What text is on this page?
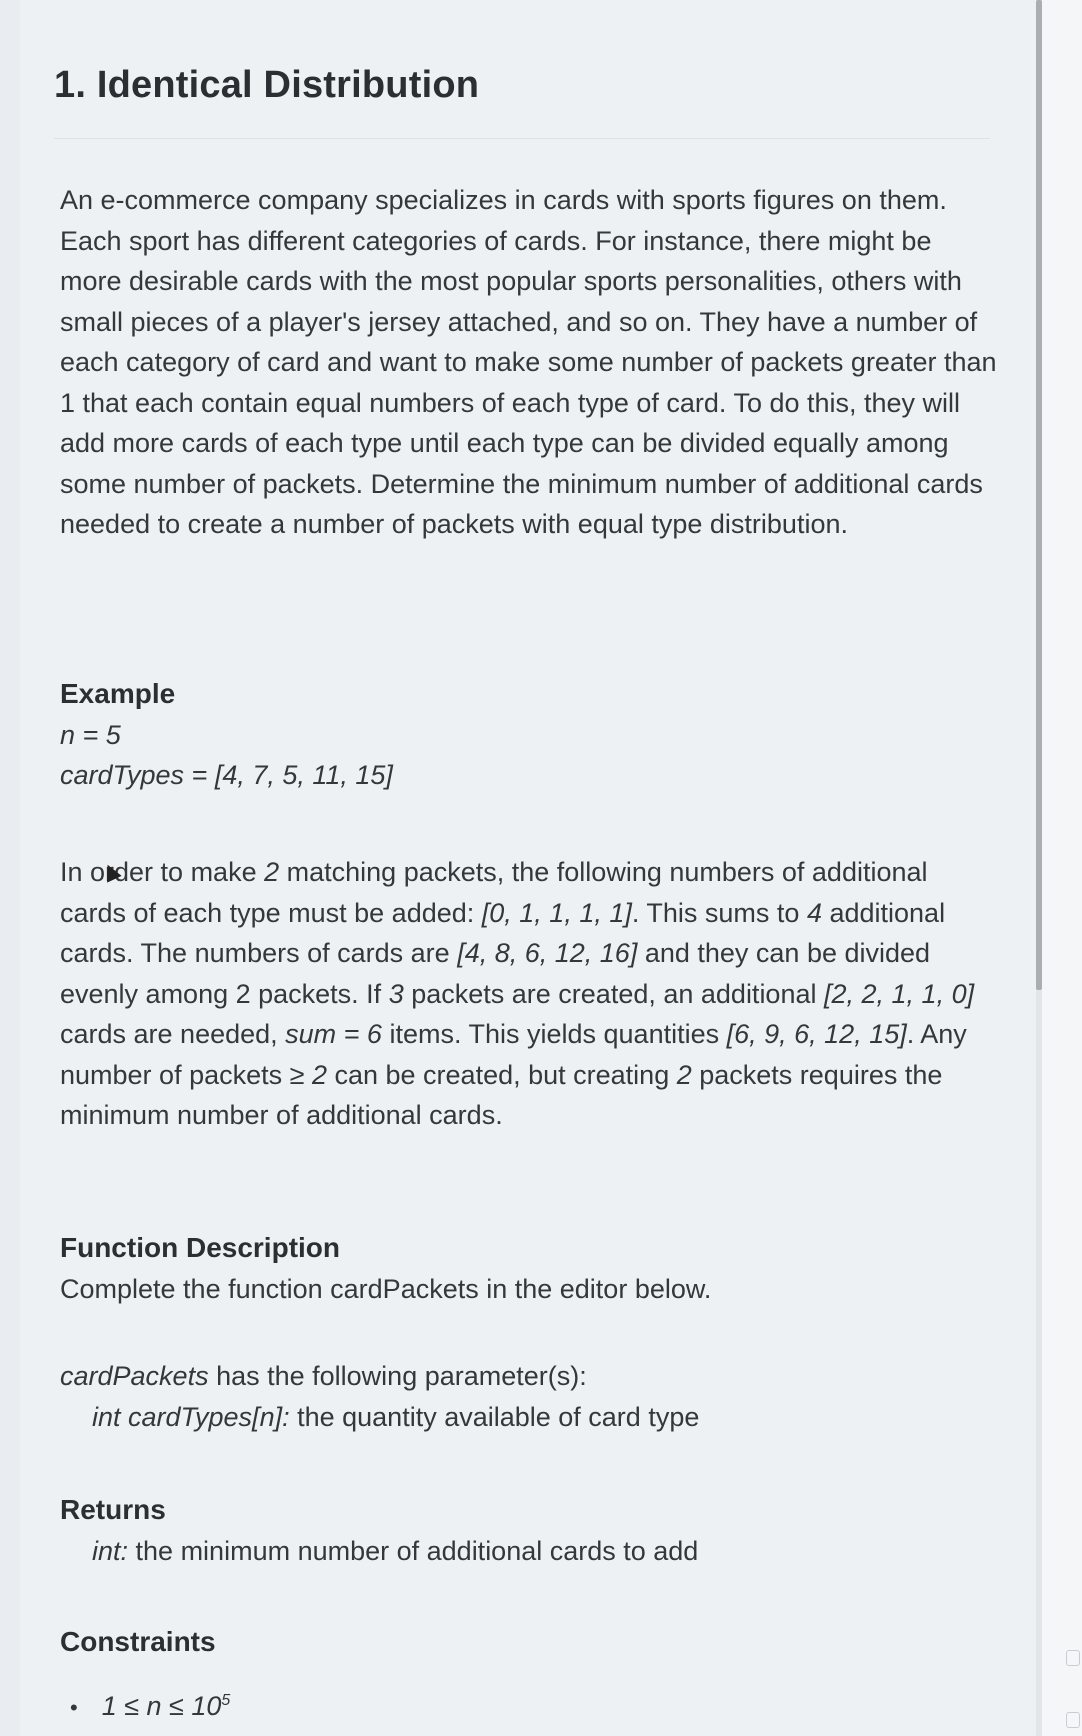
1. Identical Distribution

An e-commerce company specializes in cards with sports figures on them. Each sport has different categories of cards. For instance, there might be more desirable cards with the most popular sports personalities, others with small pieces of a player's jersey attached, and so on. They have a number of each category of card and want to make some number of packets greater than 1 that each contain equal numbers of each type of card. To do this, they will add more cards of each type until each type can be divided equally among some number of packets. Determine the minimum number of additional cards needed to create a number of packets with equal type distribution.

Example

n = 5
cardTypes = [4, 7, 5, 11, 15]

In order to make 2 matching packets, the following numbers of additional cards of each type must be added: [0, 1, 1, 1, 1]. This sums to 4 additional cards. The numbers of cards are [4, 8, 6, 12, 16] and they can be divided evenly among 2 packets. If 3 packets are created, an additional [2, 2, 1, 1, 0] cards are needed, sum = 6 items. This yields quantities [6, 9, 6, 12, 15]. Any number of packets ≥ 2 can be created, but creating 2 packets requires the minimum number of additional cards.

Function Description

Complete the function cardPackets in the editor below.

cardPackets has the following parameter(s):
int cardTypes[n]: the quantity available of card type

Returns

int: the minimum number of additional cards to add

Constraints

• $1 \le n \le 10^5$
